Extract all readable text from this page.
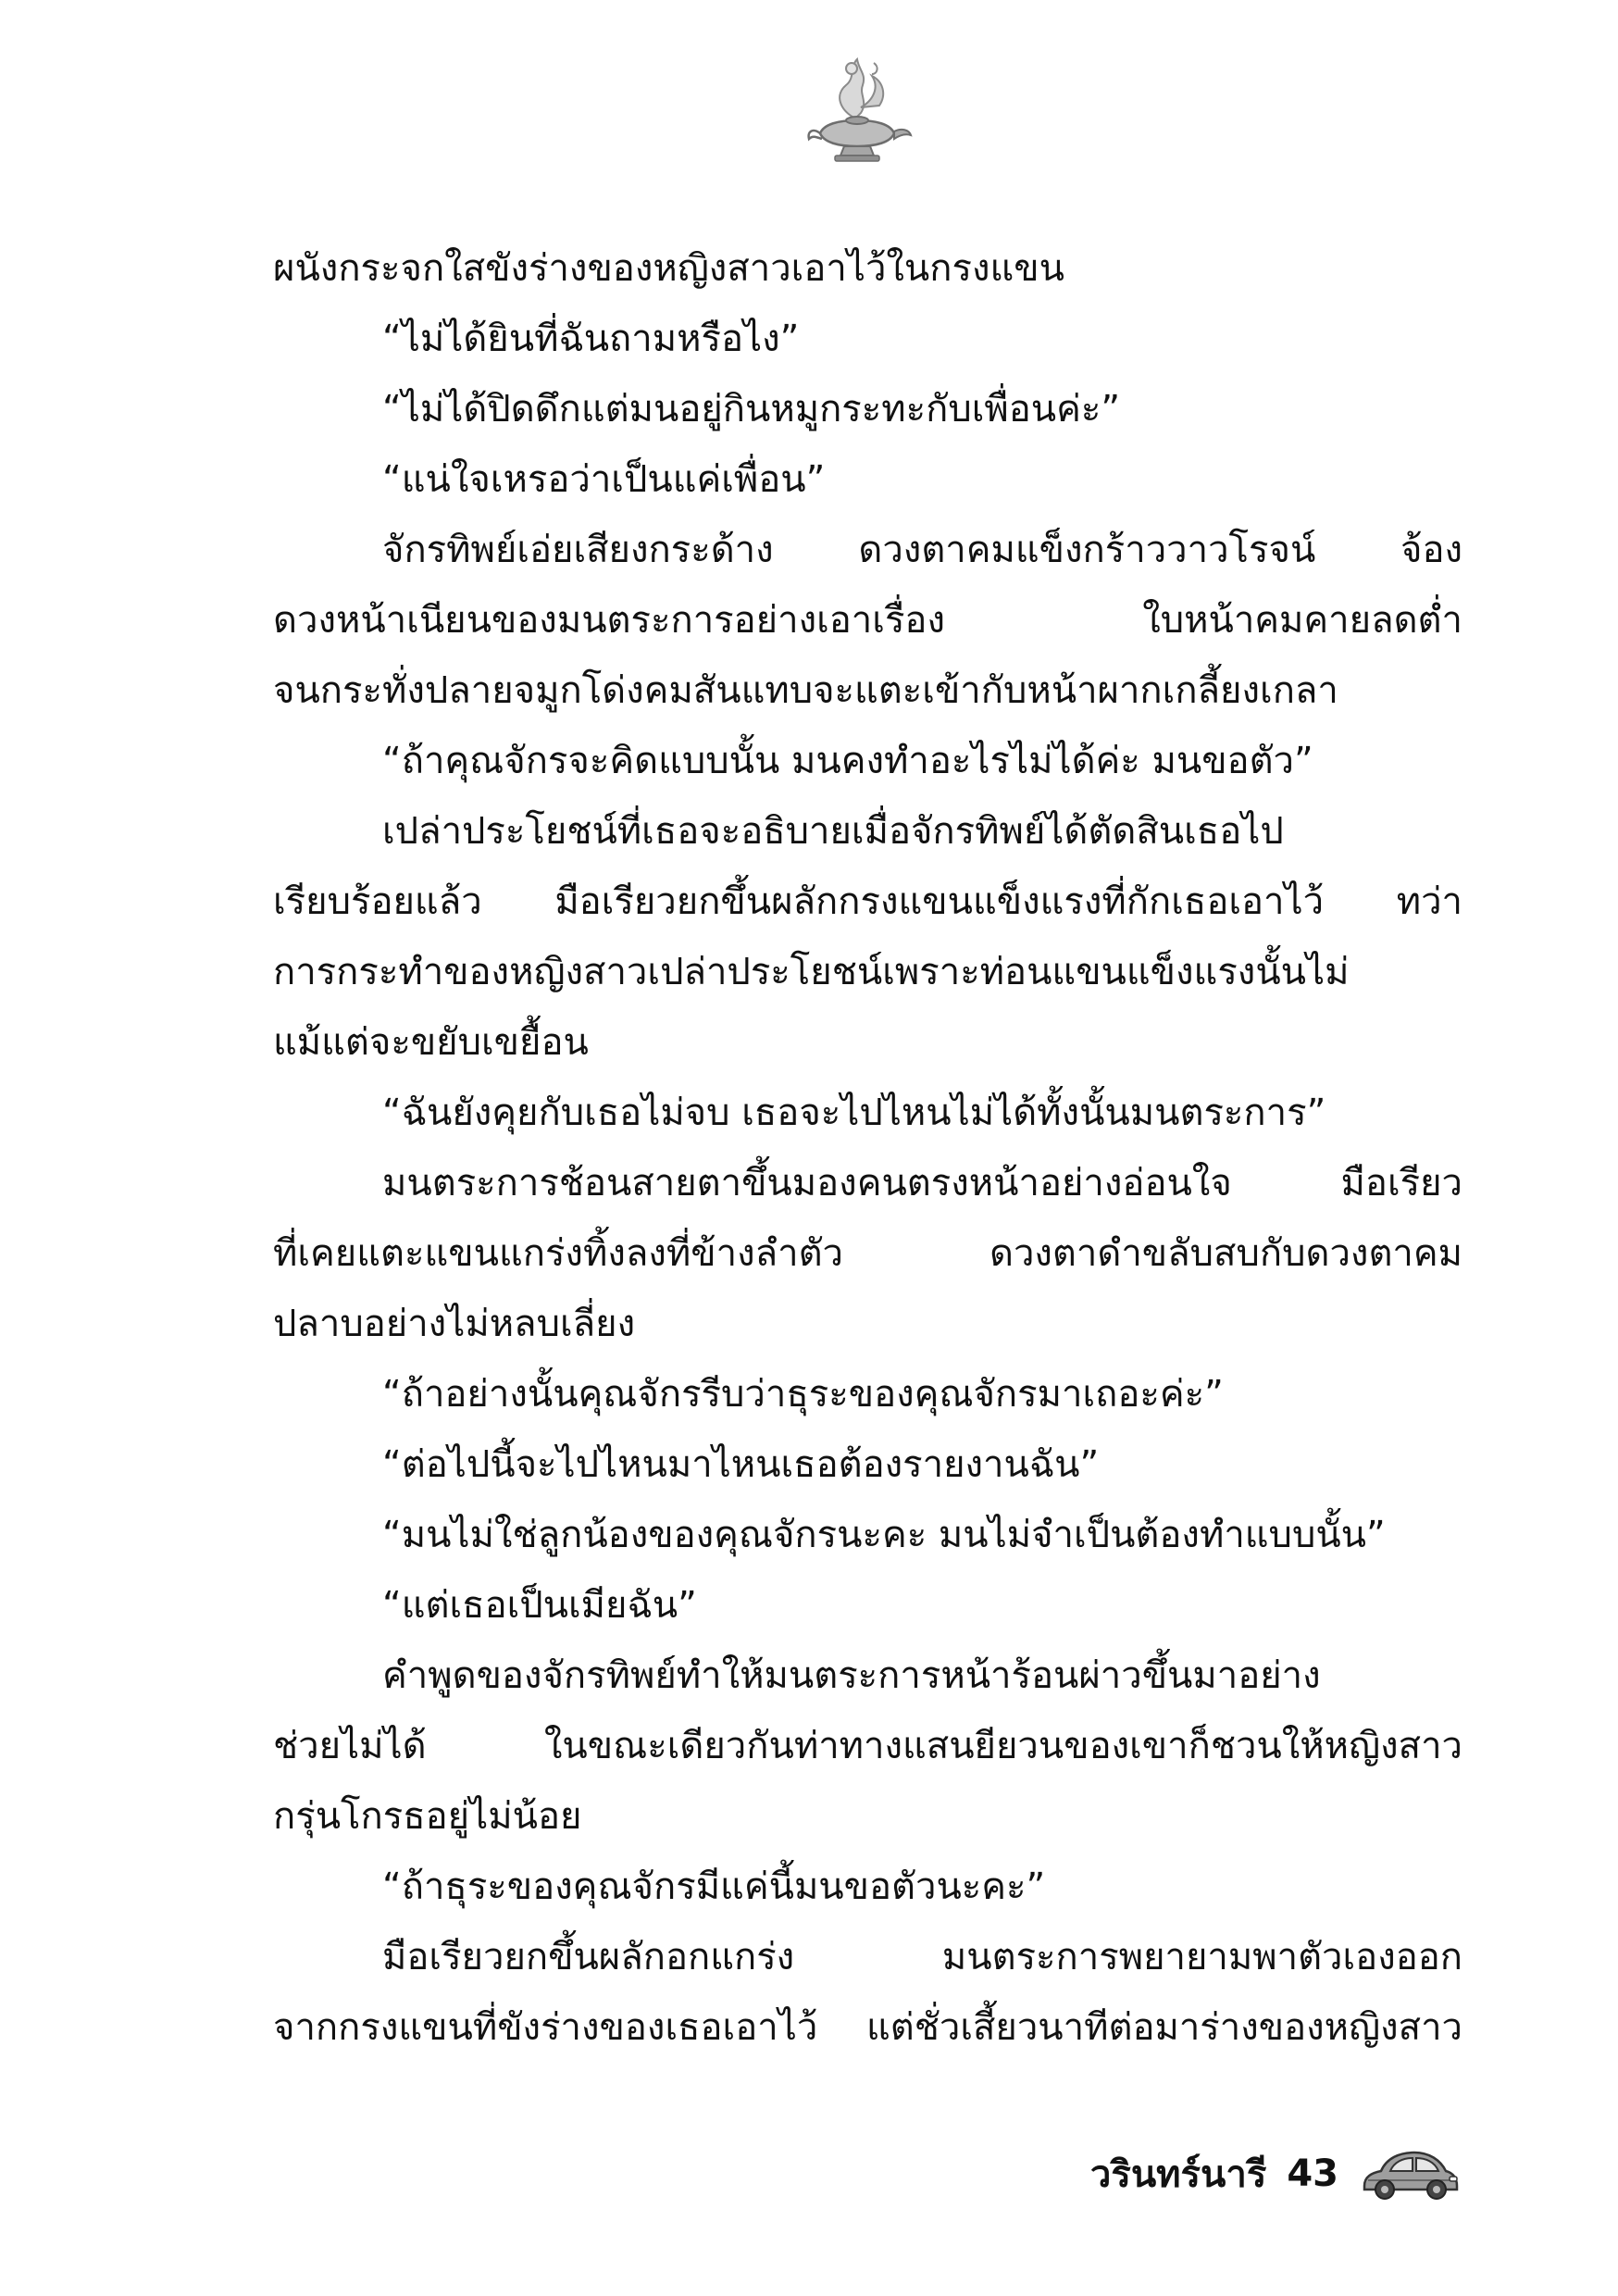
ผนังกระจกใสขังร่างของหญิงสาวเอาไว้ในกรงแขน
“ไม่ได้ยินที่ฉันถามหรือไง”
“ไม่ได้ปิดดึกแต่มนอยู่กินหมูกระทะกับเพื่อนค่ะ”
“แน่ใจเหรอว่าเป็นแค่เพื่อน”
จักรทิพย์เอ่ยเสียงกระด้าง ดวงตาคมแข็งกร้าววาวโรจน์ จ้อง
ดวงหน้าเนียนของมนตระการอย่างเอาเรื่อง ใบหน้าคมคายลดต่ำ
จนกระทั่งปลายจมูกโด่งคมสันแทบจะแตะเข้ากับหน้าผากเกลี้ยงเกลา
“ถ้าคุณจักรจะคิดแบบนั้น มนคงทำอะไรไม่ได้ค่ะ มนขอตัว”
เปล่าประโยชน์ที่เธอจะอธิบายเมื่อจักรทิพย์ได้ตัดสินเธอไป
เรียบร้อยแล้ว มือเรียวยกขึ้นผลักกรงแขนแข็งแรงที่กักเธอเอาไว้ ทว่า
การกระทำของหญิงสาวเปล่าประโยชน์เพราะท่อนแขนแข็งแรงนั้นไม่
แม้แต่จะขยับเขยื้อน
“ฉันยังคุยกับเธอไม่จบ เธอจะไปไหนไม่ได้ทั้งนั้นมนตระการ”
มนตระการช้อนสายตาขึ้นมองคนตรงหน้าอย่างอ่อนใจ มือเรียว
ที่เคยแตะแขนแกร่งทิ้งลงที่ข้างลำตัว ดวงตาดำขลับสบกับดวงตาคม
ปลาบอย่างไม่หลบเลี่ยง
“ถ้าอย่างนั้นคุณจักรรีบว่าธุระของคุณจักรมาเถอะค่ะ”
“ต่อไปนี้จะไปไหนมาไหนเธอต้องรายงานฉัน”
“มนไม่ใช่ลูกน้องของคุณจักรนะคะ มนไม่จำเป็นต้องทำแบบนั้น”
“แต่เธอเป็นเมียฉัน”
คำพูดของจักรทิพย์ทำให้มนตระการหน้าร้อนผ่าวขึ้นมาอย่าง
ช่วยไม่ได้ ในขณะเดียวกันท่าทางแสนยียวนของเขาก็ชวนให้หญิงสาว
กรุ่นโกรธอยู่ไม่น้อย
“ถ้าธุระของคุณจักรมีแค่นี้มนขอตัวนะคะ”
มือเรียวยกขึ้นผลักอกแกร่ง มนตระการพยายามพาตัวเองออก
จากกรงแขนที่ขังร่างของเธอเอาไว้ แต่ชั่วเสี้ยวนาทีต่อมาร่างของหญิงสาว
วรินทร์นารี 43
